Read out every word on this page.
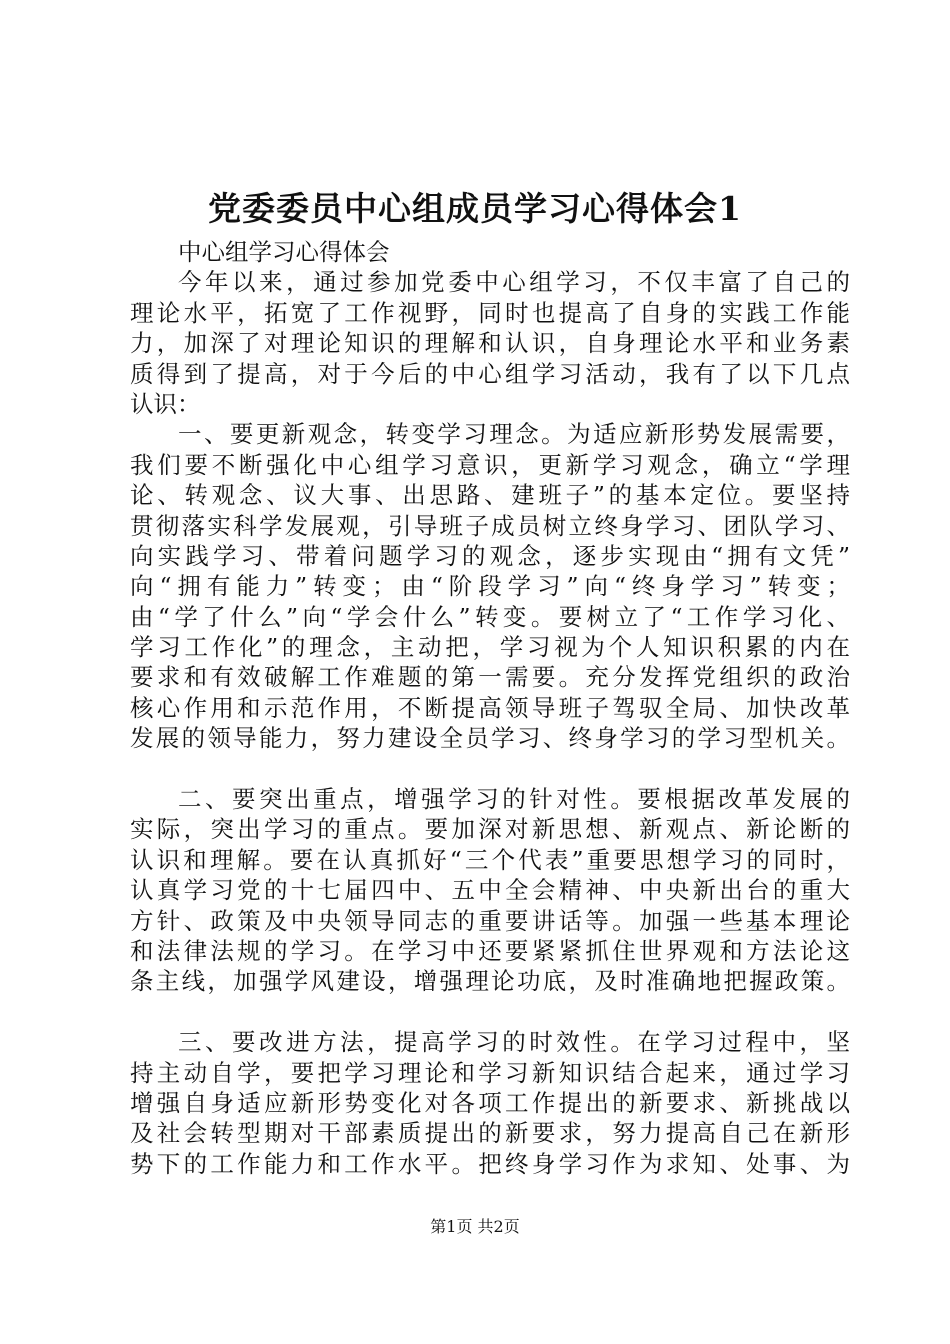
党委委员中心组成员学习心得体会1
中心组学习心得体会
今年以来，通过参加党委中心组学习，不仅丰富了自己的
理论水平，拓宽了工作视野，同时也提高了自身的实践工作能
力，加深了对理论知识的理解和认识，自身理论水平和业务素
质得到了提高，对于今后的中心组学习活动，我有了以下几点
认识：
一、要更新观念，转变学习理念。为适应新形势发展需要，
我们要不断强化中心组学习意识，更新学习观念，确立“学理
论、转观念、议大事、出思路、建班子”的基本定位。要坚持
贯彻落实科学发展观，引导班子成员树立终身学习、团队学习、
向实践学习、带着问题学习的观念，逐步实现由“拥有文凭”
向“拥有能力”转变；由“阶段学习”向“终身学习”转变；
由“学了什么”向“学会什么”转变。要树立了“工作学习化、
学习工作化”的理念，主动把，学习视为个人知识积累的内在
要求和有效破解工作难题的第一需要。充分发挥党组织的政治
核心作用和示范作用，不断提高领导班子驾驭全局、加快改革
发展的领导能力，努力建设全员学习、终身学习的学习型机关。
二、要突出重点，增强学习的针对性。要根据改革发展的
实际，突出学习的重点。要加深对新思想、新观点、新论断的
认识和理解。要在认真抓好“三个代表”重要思想学习的同时，
认真学习党的十七届四中、五中全会精神、中央新出台的重大
方针、政策及中央领导同志的重要讲话等。加强一些基本理论
和法律法规的学习。在学习中还要紧紧抓住世界观和方法论这
条主线，加强学风建设，增强理论功底，及时准确地把握政策。
三、要改进方法，提高学习的时效性。在学习过程中，坚
持主动自学，要把学习理论和学习新知识结合起来，通过学习
增强自身适应新形势变化对各项工作提出的新要求、新挑战以
及社会转型期对干部素质提出的新要求，努力提高自己在新形
势下的工作能力和工作水平。把终身学习作为求知、处事、为
第1页 共2页
